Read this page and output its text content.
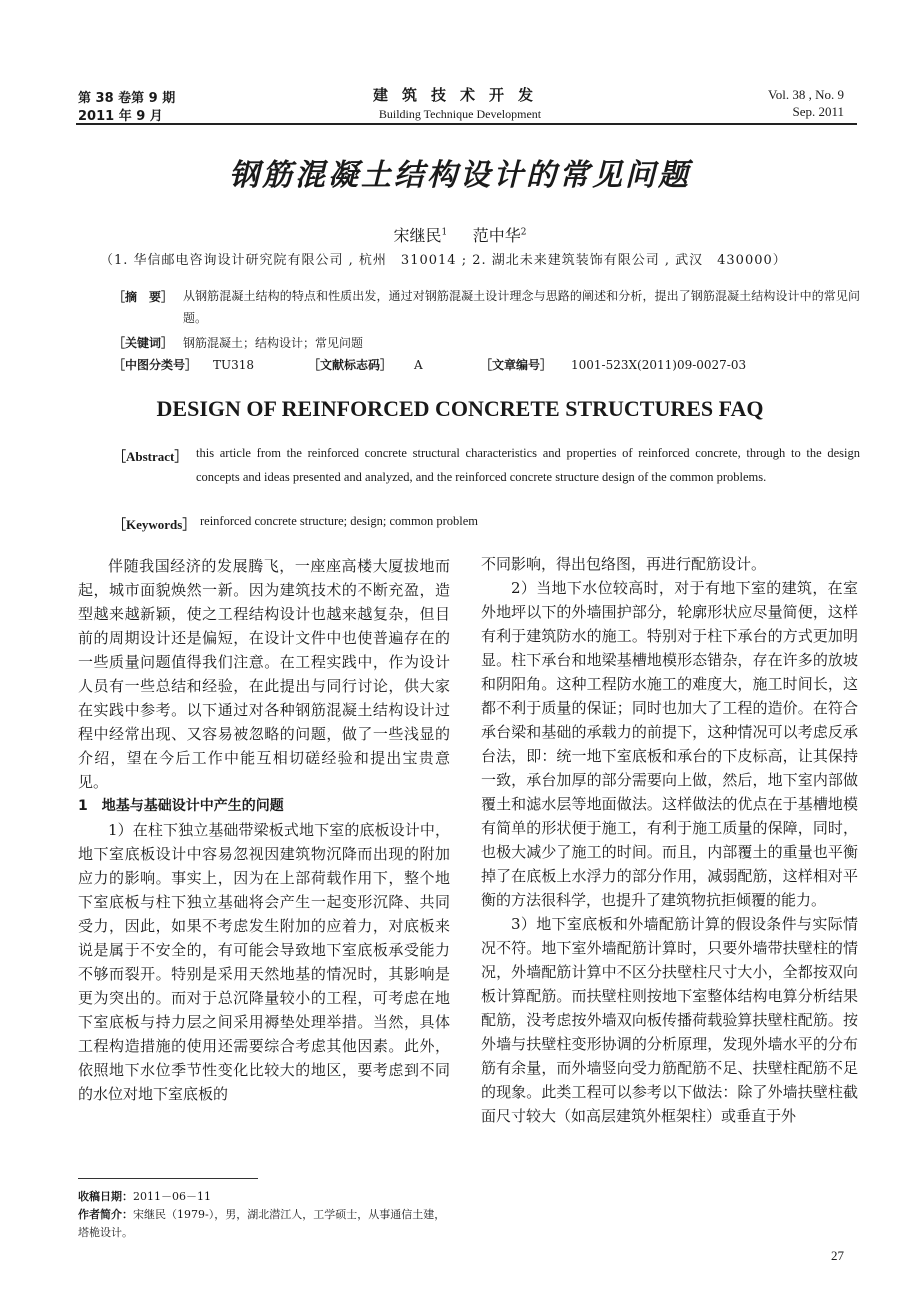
第 38 卷第 9 期
2011 年 9 月
建筑技术开发
Building Technique Development
Vol. 38 , No. 9
Sep. 2011
钢筋混凝土结构设计的常见问题
宋继民$^1$ 范中华$^2$
（1. 华信邮电咨询设计研究院有限公司 , 杭州　310014 ; 2. 湖北未来建筑装饰有限公司 , 武汉　430000）
［摘　要］ 从钢筋混凝土结构的特点和性质出发，通过对钢筋混凝土设计理念与思路的阐述和分析，提出了钢筋混凝土结构设计中的常见问题。
［关键词］ 钢筋混凝土；结构设计；常见问题
［中图分类号］ TU318	［文献标志码］ A	［文章编号］ 1001-523X(2011)09-0027-03
DESIGN OF REINFORCED CONCRETE STRUCTURES FAQ
［Abstract］ this article from the reinforced concrete structural characteristics and properties of reinforced concrete, through to the design concepts and ideas presented and analyzed, and the reinforced concrete structure design of the common problems.
［Keywords］ reinforced concrete structure; design; common problem

伴随我国经济的发展腾飞，一座座高楼大厦拔地而起，城市面貌焕然一新。因为建筑技术的不断充盈，造型越来越新颖，使之工程结构设计也越来越复杂，但目前的周期设计还是偏短，在设计文件中也使普遍存在的一些质量问题值得我们注意。在工程实践中，作为设计人员有一些总结和经验，在此提出与同行讨论，供大家在实践中参考。以下通过对各种钢筋混凝土结构设计过程中经常出现、又容易被忽略的问题，做了一些浅显的介绍，望在今后工作中能互相切磋经验和提出宝贵意见。

1　地基与基础设计中产生的问题

1）在柱下独立基础带梁板式地下室的底板设计中，地下室底板设计中容易忽视因建筑物沉降而出现的附加应力的影响。事实上，因为在上部荷载作用下，整个地下室底板与柱下独立基础将会产生一起变形沉降、共同受力，因此，如果不考虑发生附加的应着力，对底板来说是属于不安全的，有可能会导致地下室底板承受能力不够而裂开。特别是采用天然地基的情况时，其影响是更为突出的。而对于总沉降量较小的工程，可考虑在地下室底板与持力层之间采用褥垫处理举措。当然，具体工程构造措施的使用还需要综合考虑其他因素。此外，依照地下水位季节性变化比较大的地区，要考虑到不同的水位对地下室底板的

不同影响，得出包络图，再进行配筋设计。

2）当地下水位较高时，对于有地下室的建筑，在室外地坪以下的外墙围护部分，轮廓形状应尽量简便，这样有利于建筑防水的施工。特别对于柱下承台的方式更加明显。柱下承台和地梁基槽地模形态错杂，存在许多的放坡和阴阳角。这种工程防水施工的难度大，施工时间长，这都不利于质量的保证；同时也加大了工程的造价。在符合承台梁和基础的承载力的前提下，这种情况可以考虑反承台法，即：统一地下室底板和承台的下皮标高，让其保持一致，承台加厚的部分需要向上做，然后，地下室内部做覆土和滤水层等地面做法。这样做法的优点在于基槽地模有简单的形状便于施工，有利于施工质量的保障，同时，也极大减少了施工的时间。而且，内部覆土的重量也平衡掉了在底板上水浮力的部分作用，减弱配筋，这样相对平衡的方法很科学，也提升了建筑物抗拒倾覆的能力。

3）地下室底板和外墙配筋计算的假设条件与实际情况不符。地下室外墙配筋计算时，只要外墙带扶壁柱的情况，外墙配筋计算中不区分扶壁柱尺寸大小，全都按双向板计算配筋。而扶壁柱则按地下室整体结构电算分析结果配筋，没考虑按外墙双向板传播荷载验算扶壁柱配筋。按外墙与扶壁柱变形协调的分析原理，发现外墙水平的分布筋有余量，而外墙竖向受力筋配筋不足、扶壁柱配筋不足的现象。此类工程可以参考以下做法：除了外墙扶壁柱截面尺寸较大（如高层建筑外框架柱）或垂直于外

收稿日期：2011－06－11
作者简介：宋继民（1979-），男，湖北潜江人，工学硕士，从事通信土建，塔桅设计。
27
